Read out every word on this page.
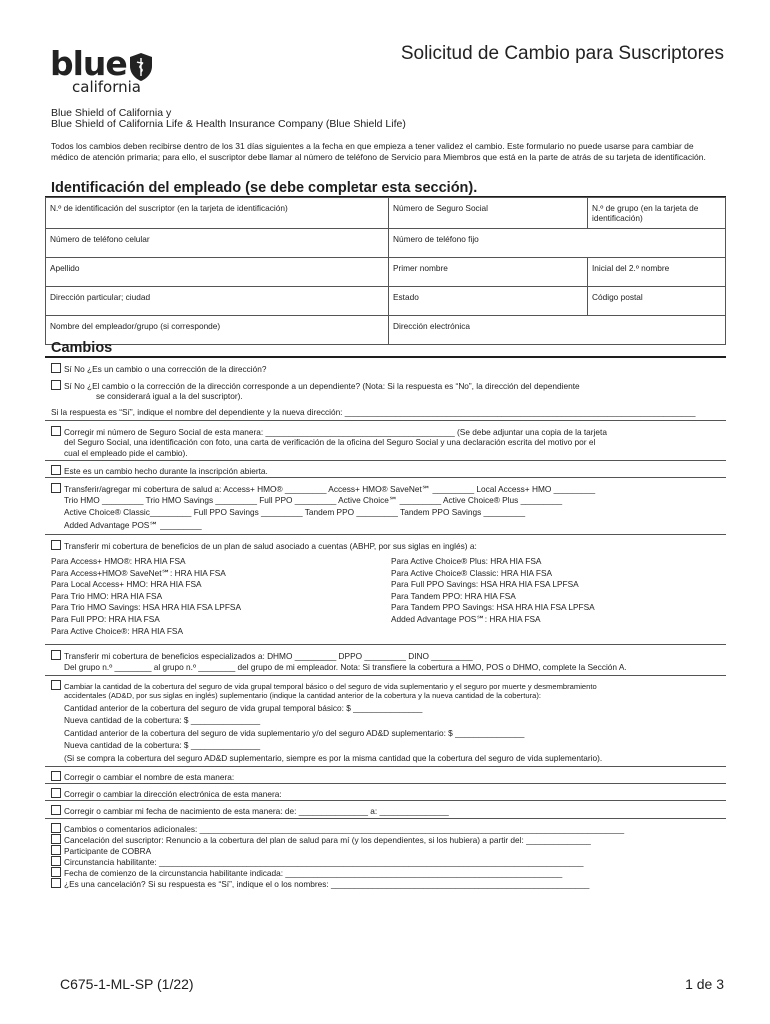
blue
california
Solicitud de Cambio para Suscriptores
Blue Shield of California y
Blue Shield of California Life & Health Insurance Company (Blue Shield Life)
Todos los cambios deben recibirse dentro de los 31 días siguientes a la fecha en que empieza a tener validez el cambio. Este formulario no puede usarse para cambiar de médico de atención primaria; para ello, el suscriptor debe llamar al número de teléfono de Servicio para Miembros que está en la parte de atrás de su tarjeta de identificación.
Identificación del empleado (se debe completar esta sección).
N.º de identificación del suscriptor (en la tarjeta de identificación)	Número de Seguro Social	N.º de grupo (en la tarjeta de identificación)
Número de teléfono celular	Número de teléfono fijo	
Apellido	Primer nombre	Inicial del 2.º nombre
Dirección particular; ciudad	Estado	Código postal
Nombre del empleador/grupo (si corresponde)	Dirección electrónica	
Cambios
Sí No ¿Es un cambio o una corrección de la dirección?
Sí No ¿El cambio o la corrección de la dirección corresponde a un dependiente? (Nota: Si la respuesta es “No”, la dirección del dependiente
se considerará igual a la del suscriptor).
Si la respuesta es “Sí”, indique el nombre del dependiente y la nueva dirección: ____________________________________________________________________________
Corregir mi número de Seguro Social de esta manera: _________________________________________ (Se debe adjuntar una copia de la tarjeta
del Seguro Social, una identificación con foto, una carta de verificación de la oficina del Seguro Social y una declaración escrita del motivo por el
cual el empleado pide el cambio).
Este es un cambio hecho durante la inscripción abierta.
Transferir/agregar mi cobertura de salud a: Access+ HMO® _________ Access+ HMO® SaveNet℠ _________ Local Access+ HMO _________
Trio HMO _________ Trio HMO Savings _________ Full PPO _________ Active Choice℠ _________ Active Choice® Plus _________
Active Choice® Classic_________ Full PPO Savings _________ Tandem PPO _________ Tandem PPO Savings _________
Added Advantage POS℠ _________
Transferir mi cobertura de beneficios de un plan de salud asociado a cuentas (ABHP, por sus siglas en inglés) a:
Para Access+ HMO®: HRA HIA FSA
Para Access+HMO® SaveNet℠: HRA HIA FSA
Para Local Access+ HMO: HRA HIA FSA
Para Trio HMO: HRA HIA FSA
Para Trio HMO Savings: HSA HRA HIA FSA LPFSA
Para Full PPO: HRA HIA FSA
Para Active Choice®: HRA HIA FSA
Para Active Choice® Plus: HRA HIA FSA
Para Active Choice® Classic: HRA HIA FSA
Para Full PPO Savings: HSA HRA HIA FSA LPFSA
Para Tandem PPO: HRA HIA FSA
Para Tandem PPO Savings: HSA HRA HIA FSA LPFSA
Added Advantage POS℠: HRA HIA FSA
Transferir mi cobertura de beneficios especializados a: DHMO _________ DPPO _________ DINO _________
Del grupo n.º ________ al grupo n.º ________ del grupo de mi empleador. Nota: Si transfiere la cobertura a HMO, POS o DHMO, complete la Sección A.
Cambiar la cantidad de la cobertura del seguro de vida grupal temporal básico o del seguro de vida suplementario y el seguro por muerte y desmembramiento
accidentales (AD&D, por sus siglas en inglés) suplementario (indique la cantidad anterior de la cobertura y la nueva cantidad de la cobertura):
Cantidad anterior de la cobertura del seguro de vida grupal temporal básico: $ _______________
Nueva cantidad de la cobertura: $ _______________
Cantidad anterior de la cobertura del seguro de vida suplementario y/o del seguro AD&D suplementario: $ _______________
Nueva cantidad de la cobertura: $ _______________
(Si se compra la cobertura del seguro AD&D suplementario, siempre es por la misma cantidad que la cobertura del seguro de vida suplementario).
Corregir o cambiar el nombre de esta manera:
Corregir o cambiar la dirección electrónica de esta manera:
Corregir o cambiar mi fecha de nacimiento de esta manera: de: _______________ a: _______________
Cambios o comentarios adicionales: ____________________________________________________________________________________________
Cancelación del suscriptor: Renuncio a la cobertura del plan de salud para mí (y los dependientes, si los hubiera) a partir del: ______________
Participante de COBRA
Circunstancia habilitante: ____________________________________________________________________________________________
Fecha de comienzo de la circunstancia habilitante indicada: ____________________________________________________________
¿Es una cancelación? Si su respuesta es “Sí”, indique el o los nombres: ________________________________________________________
C675-1-ML-SP (1/22)	1 de 3
